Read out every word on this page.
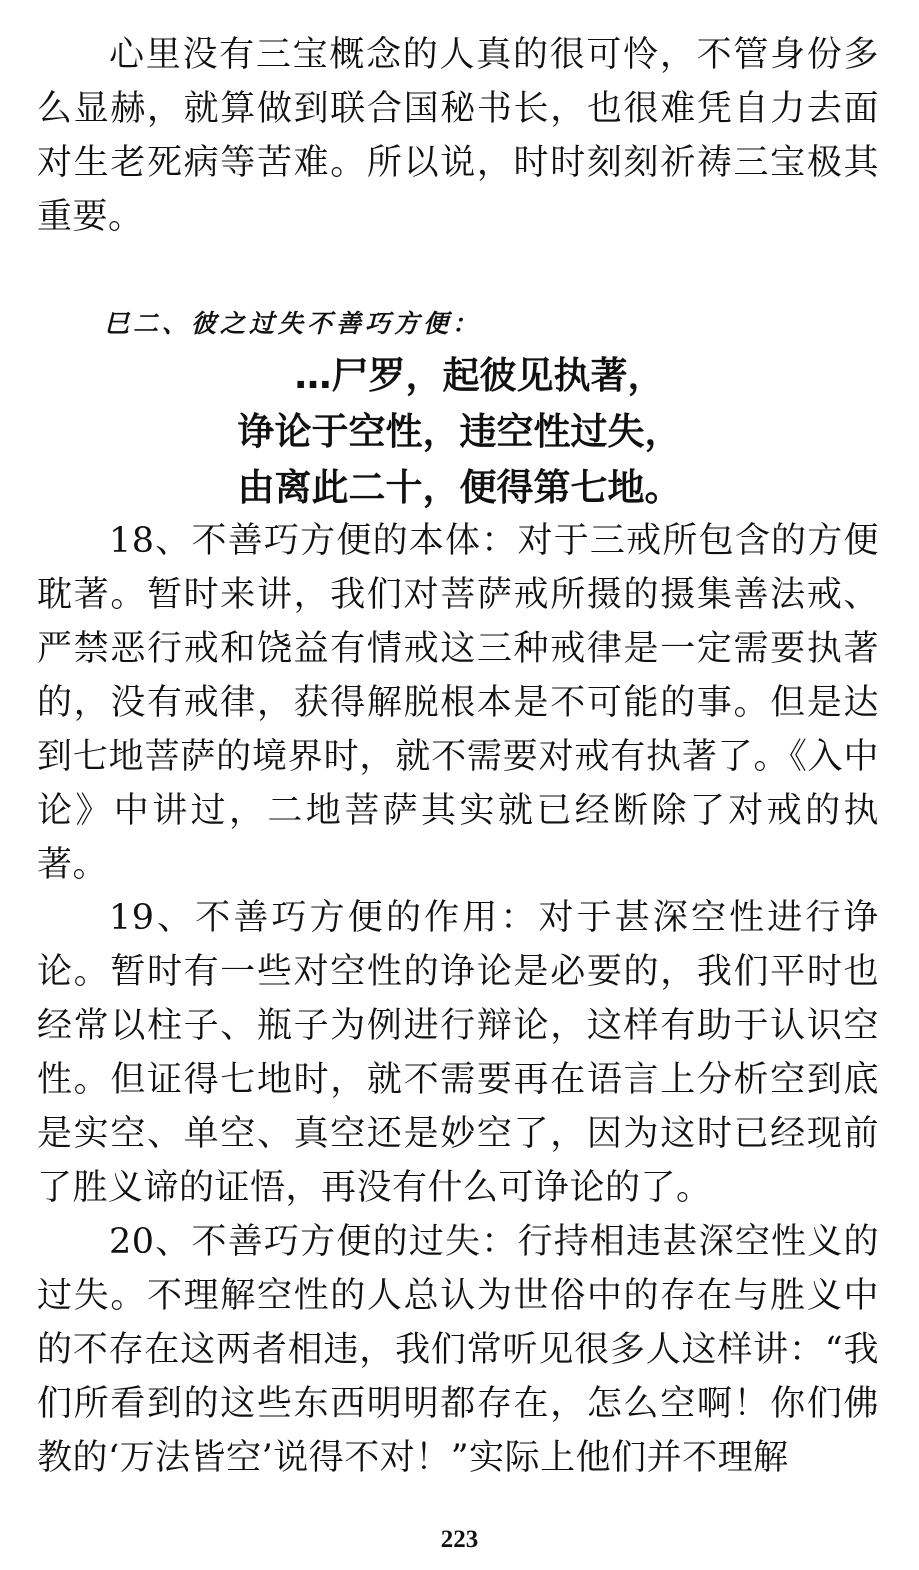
心里没有三宝概念的人真的很可怜，不管身份多么显赫，就算做到联合国秘书长，也很难凭自力去面对生老死病等苦难。所以说，时时刻刻祈祷三宝极其重要。

巳二、彼之过失不善巧方便：

…尸罗，起彼见执著，

诤论于空性，违空性过失，

由离此二十，便得第七地。

18、不善巧方便的本体：对于三戒所包含的方便耽著。暂时来讲，我们对菩萨戒所摄的摄集善法戒、严禁恶行戒和饶益有情戒这三种戒律是一定需要执著的，没有戒律，获得解脱根本是不可能的事。但是达到七地菩萨的境界时，就不需要对戒有执著了。《入中论》中讲过，二地菩萨其实就已经断除了对戒的执著。

19、不善巧方便的作用：对于甚深空性进行诤论。暂时有一些对空性的诤论是必要的，我们平时也经常以柱子、瓶子为例进行辩论，这样有助于认识空性。但证得七地时，就不需要再在语言上分析空到底是实空、单空、真空还是妙空了，因为这时已经现前了胜义谛的证悟，再没有什么可诤论的了。

20、不善巧方便的过失：行持相违甚深空性义的过失。不理解空性的人总认为世俗中的存在与胜义中的不存在这两者相违，我们常听见很多人这样讲：“我们所看到的这些东西明明都存在，怎么空啊！你们佛教的‘万法皆空’说得不对！”实际上他们并不理解

223
